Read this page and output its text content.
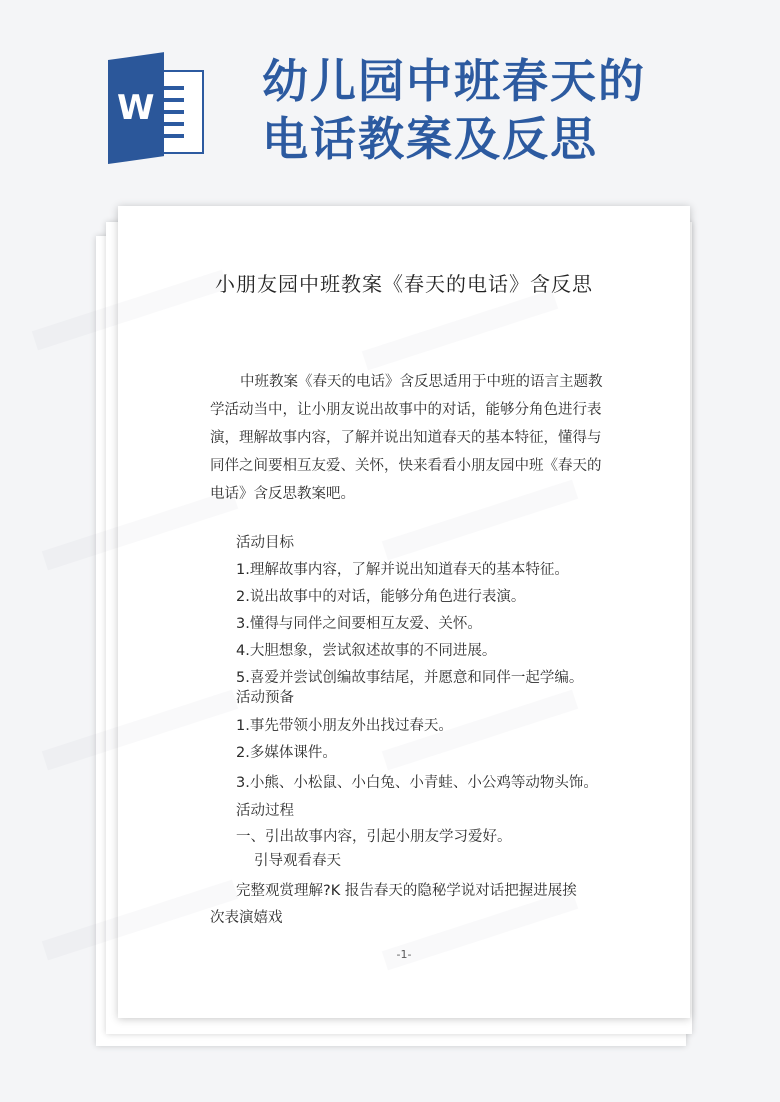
W
幼儿园中班春天的
电话教案及反思
小朋友园中班教案《春天的电话》含反思
中班教案《春天的电话》含反思适用于中班的语言主题教学活动当中，让小朋友说出故事中的对话，能够分角色进行表演，理解故事内容，了解并说出知道春天的基本特征，懂得与同伴之间要相互友爱、关怀，快来看看小朋友园中班《春天的电话》含反思教案吧。
活动目标
1.理解故事内容，了解并说出知道春天的基本特征。
2.说出故事中的对话，能够分角色进行表演。
3.懂得与同伴之间要相互友爱、关怀。
4.大胆想象，尝试叙述故事的不同进展。
5.喜爱并尝试创编故事结尾，并愿意和同伴一起学编。
活动预备
1.事先带领小朋友外出找过春天。
2.多媒体课件。
3.小熊、小松鼠、小白兔、小青蛙、小公鸡等动物头饰。
活动过程
一、引出故事内容，引起小朋友学习爱好。
引导观看春天
完整观赏理解?K 报告春天的隐秘学说对话把握进展挨
次表演嬉戏
-1-
